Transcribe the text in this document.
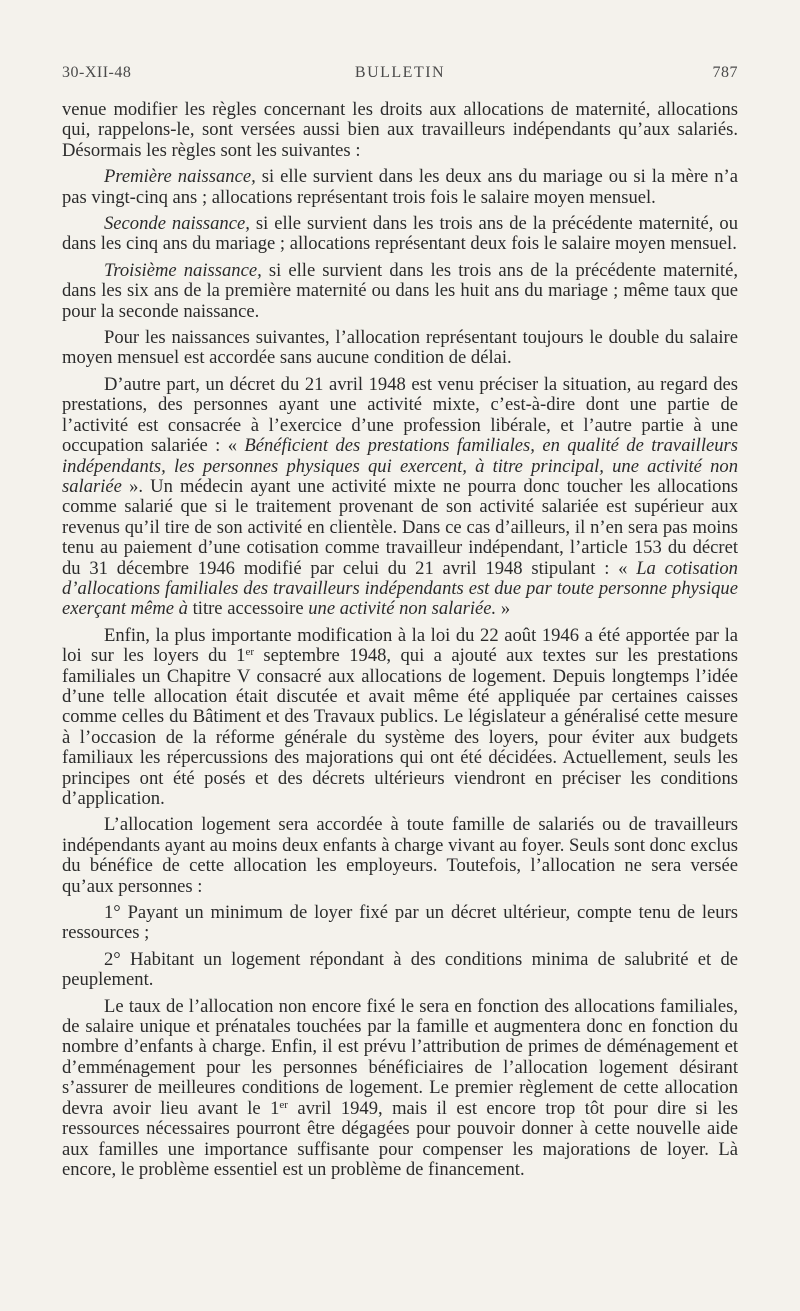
30-XII-48	BULLETIN	787

venue modifier les règles concernant les droits aux allocations de maternité, allocations qui, rappelons-le, sont versées aussi bien aux travailleurs indépendants qu’aux salariés. Désormais les règles sont les suivantes :

Première naissance, si elle survient dans les deux ans du mariage ou si la mère n’a pas vingt-cinq ans ; allocations représentant trois fois le salaire moyen mensuel.

Seconde naissance, si elle survient dans les trois ans de la précédente maternité, ou dans les cinq ans du mariage ; allocations représentant deux fois le salaire moyen mensuel.

Troisième naissance, si elle survient dans les trois ans de la précédente maternité, dans les six ans de la première maternité ou dans les huit ans du mariage ; même taux que pour la seconde naissance.

Pour les naissances suivantes, l’allocation représentant toujours le double du salaire moyen mensuel est accordée sans aucune condition de délai.

D’autre part, un décret du 21 avril 1948 est venu préciser la situation, au regard des prestations, des personnes ayant une activité mixte, c’est-à-dire dont une partie de l’activité est consacrée à l’exercice d’une profession libérale, et l’autre partie à une occupation salariée : « Bénéficient des prestations familiales, en qualité de travailleurs indépendants, les personnes physiques qui exercent, à titre principal, une activité non salariée ». Un médecin ayant une activité mixte ne pourra donc toucher les allocations comme salarié que si le traitement provenant de son activité salariée est supérieur aux revenus qu’il tire de son activité en clientèle. Dans ce cas d’ailleurs, il n’en sera pas moins tenu au paiement d’une cotisation comme travailleur indépendant, l’article 153 du décret du 31 décembre 1946 modifié par celui du 21 avril 1948 stipulant : « La cotisation d’allocations familiales des travailleurs indépendants est due par toute personne physique exerçant même à titre accessoire une activité non salariée. »

Enfin, la plus importante modification à la loi du 22 août 1946 a été apportée par la loi sur les loyers du 1er septembre 1948, qui a ajouté aux textes sur les prestations familiales un Chapitre V consacré aux allocations de logement. Depuis longtemps l’idée d’une telle allocation était discutée et avait même été appliquée par certaines caisses comme celles du Bâtiment et des Travaux publics. Le législateur a généralisé cette mesure à l’occasion de la réforme générale du système des loyers, pour éviter aux budgets familiaux les répercussions des majorations qui ont été décidées. Actuellement, seuls les principes ont été posés et des décrets ultérieurs viendront en préciser les conditions d’application.

L’allocation logement sera accordée à toute famille de salariés ou de travailleurs indépendants ayant au moins deux enfants à charge vivant au foyer. Seuls sont donc exclus du bénéfice de cette allocation les employeurs. Toutefois, l’allocation ne sera versée qu’aux personnes :

1° Payant un minimum de loyer fixé par un décret ultérieur, compte tenu de leurs ressources ;

2° Habitant un logement répondant à des conditions minima de salubrité et de peuplement.

Le taux de l’allocation non encore fixé le sera en fonction des allocations familiales, de salaire unique et prénatales touchées par la famille et augmentera donc en fonction du nombre d’enfants à charge. Enfin, il est prévu l’attribution de primes de déménagement et d’emménagement pour les personnes bénéficiaires de l’allocation logement désirant s’assurer de meilleures conditions de logement. Le premier règlement de cette allocation devra avoir lieu avant le 1er avril 1949, mais il est encore trop tôt pour dire si les ressources nécessaires pourront être dégagées pour pouvoir donner à cette nouvelle aide aux familles une importance suffisante pour compenser les majorations de loyer. Là encore, le problème essentiel est un problème de financement.
